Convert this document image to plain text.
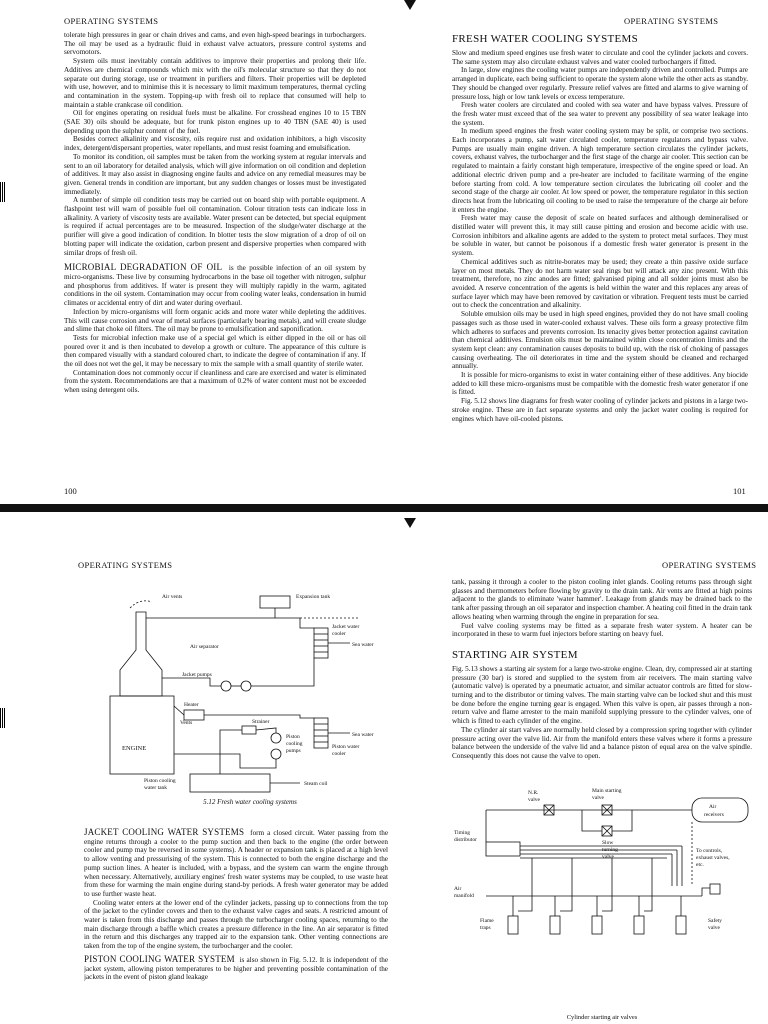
OPERATING SYSTEMS

tolerate high pressures in gear or chain drives and cams, and even high-speed bearings in turbochargers. The oil may be used as a hydraulic fluid in exhaust valve actuators, pressure control systems and servomotors.

System oils must inevitably contain additives to improve their properties and prolong their life. Additives are chemical compounds which mix with the oil's molecular structure so that they do not separate out during storage, use or treatment in purifiers and filters. Their properties will be depleted with use, however, and to minimise this it is necessary to limit maximum temperatures, thermal cycling and contamination in the system. Topping-up with fresh oil to replace that consumed will help to maintain a stable crankcase oil condition.

Oil for engines operating on residual fuels must be alkaline. For crosshead engines 10 to 15 TBN (SAE 30) oils should be adequate, but for trunk piston engines up to 40 TBN (SAE 40) is used depending upon the sulphur content of the fuel.

Besides correct alkalinity and viscosity, oils require rust and oxidation inhibitors, a high viscosity index, detergent/dispersant properties, water repellants, and must resist foaming and emulsification.

To monitor its condition, oil samples must be taken from the working system at regular intervals and sent to an oil laboratory for detailed analysis, which will give information on oil condition and depletion of additives. It may also assist in diagnosing engine faults and advice on any remedial measures may be given. General trends in condition are important, but any sudden changes or losses must be investigated immediately.

A number of simple oil condition tests may be carried out on board ship with portable equipment. A flashpoint test will warn of possible fuel oil contamination. Colour titration tests can indicate loss in alkalinity. A variety of viscosity tests are available. Water present can be detected, but special equipment is required if actual percentages are to be measured. Inspection of the sludge/water discharge at the purifier will give a good indication of condition. In blotter tests the slow migration of a drop of oil on blotting paper will indicate the oxidation, carbon present and dispersive properties when compared with similar drops of fresh oil.

MICROBIAL DEGRADATION OF OIL is the possible infection of an oil system by micro-organisms. These live by consuming hydrocarbons in the base oil together with nitrogen, sulphur and phosphorus from additives. If water is present they will multiply rapidly in the warm, agitated conditions in the oil system. Contamination may occur from cooling water leaks, condensation in humid climates or accidental entry of dirt and water during overhaul.

Infection by micro-organisms will form organic acids and more water while depleting the additives. This will cause corrosion and wear of metal surfaces (particularly bearing metals), and will create sludge and slime that choke oil filters. The oil may be prone to emulsification and saponification.

Tests for microbial infection make use of a special gel which is either dipped in the oil or has oil poured over it and is then incubated to develop a growth or culture. The appearance of this culture is then compared visually with a standard coloured chart, to indicate the degree of contamination if any. If the oil does not wet the gel, it may be necessary to mix the sample with a small quantity of sterile water.

Contamination does not commonly occur if cleanliness and care are exercised and water is eliminated from the system. Recommendations are that a maximum of 0.2% of water content must not be exceeded when using detergent oils.

100
OPERATING SYSTEMS
FRESH WATER COOLING SYSTEMS

Slow and medium speed engines use fresh water to circulate and cool the cylinder jackets and covers. The same system may also circulate exhaust valves and water cooled turbochargers if fitted.

In large, slow engines the cooling water pumps are independently driven and controlled. Pumps are arranged in duplicate, each being sufficient to operate the system alone while the other acts as standby. They should be changed over regularly. Pressure relief valves are fitted and alarms to give warning of pressure loss, high or low tank levels or excess temperature.

Fresh water coolers are circulated and cooled with sea water and have bypass valves. Pressure of the fresh water must exceed that of the sea water to prevent any possibility of sea water leakage into the system.

In medium speed engines the fresh water cooling system may be split, or comprise two sections. Each incorporates a pump, salt water circulated cooler, temperature regulators and bypass valve. Pumps are usually main engine driven. A high temperature section circulates the cylinder jackets, covers, exhaust valves, the turbocharger and the first stage of the charge air cooler. This section can be regulated to maintain a fairly constant high temperature, irrespective of the engine speed or load. An additional electric driven pump and a pre-heater are included to facilitate warming of the engine before starting from cold. A low temperature section circulates the lubricating oil cooler and the second stage of the charge air cooler. At low speed or power, the temperature regulator in this section directs heat from the lubricating oil cooling to be used to raise the temperature of the charge air before it enters the engine.

Fresh water may cause the deposit of scale on heated surfaces and although demineralised or distilled water will prevent this, it may still cause pitting and erosion and become acidic with use. Corrosion inhibitors and alkaline agents are added to the system to protect metal surfaces. They must be soluble in water, but cannot be poisonous if a domestic fresh water generator is present in the system.

Chemical additives such as nitrite-borates may be used; they create a thin passive oxide surface layer on most metals. They do not harm water seal rings but will attack any zinc present. With this treatment, therefore, no zinc anodes are fitted; galvanised piping and all solder joints must also be avoided. A reserve concentration of the agents is held within the water and this replaces any areas of surface layer which may have been removed by cavitation or vibration. Frequent tests must be carried out to check the concentration and alkalinity.

Soluble emulsion oils may be used in high speed engines, provided they do not have small cooling passages such as those used in water-cooled exhaust valves. These oils form a greasy protective film which adheres to surfaces and prevents corrosion. Its tenacity gives better protection against cavitation than chemical additives. Emulsion oils must be maintained within close concentration limits and the system kept clean: any contamination causes deposits to build up, with the risk of choking of passages causing overheating. The oil deteriorates in time and the system should be cleaned and recharged annually.

It is possible for micro-organisms to exist in water containing either of these additives. Any biocide added to kill these micro-organisms must be compatible with the domestic fresh water generator if one is fitted.

Fig. 5.12 shows line diagrams for fresh water cooling of cylinder jackets and pistons in a large two-stroke engine. These are in fact separate systems and only the jacket water cooling is required for engines which have oil-cooled pistons.

101
OPERATING SYSTEMS
Air vents	Expansion tank
Jacket water
cooler
Air separator
Jacket pumps
Sea water
Heater
Vents	Strainer
Sea water
ENGINE
Piston
cooling
pumps
Piston water
cooler
Piston cooling
water tank
Steam coil
5.12 Fresh water cooling systems

JACKET COOLING WATER SYSTEMS form a closed circuit. Water passing from the engine returns through a cooler to the pump suction and then back to the engine (the order between cooler and pump may be reversed in some systems). A header or expansion tank is placed at a high level to allow venting and pressurising of the system. This is connected to both the engine discharge and the pump suction lines. A heater is included, with a bypass, and the system can warm the engine through when necessary. Alternatively, auxiliary engines' fresh water systems may be coupled, to use waste heat from these for warming the main engine during stand-by periods. A fresh water generator may be added to use further waste heat.

Cooling water enters at the lower end of the cylinder jackets, passing up to connections from the top of the jacket to the cylinder covers and then to the exhaust valve cages and seats. A restricted amount of water is taken from this discharge and passes through the turbocharger cooling spaces, returning to the main discharge through a baffle which creates a pressure difference in the line. An air separator is fitted in the return and this discharges any trapped air to the expansion tank. Other venting connections are taken from the top of the engine system, the turbocharger and the cooler.

PISTON COOLING WATER SYSTEM is also shown in Fig. 5.12. It is independent of the jacket system, allowing piston temperatures to be higher and preventing possible contamination of the jackets in the event of piston gland leakage

OPERATING SYSTEMS

tank, passing it through a cooler to the piston cooling inlet glands. Cooling returns pass through sight glasses and thermometers before flowing by gravity to the drain tank. Air vents are fitted at high points adjacent to the glands to eliminate 'water hammer'. Leakage from glands may be drained back to the tank after passing through an oil separator and inspection chamber. A heating coil fitted in the drain tank allows heating when warming through the engine in preparation for sea.

Fuel valve cooling systems may be fitted as a separate fresh water system. A heater can be incorporated in these to warm fuel injectors before starting on heavy fuel.

STARTING AIR SYSTEM

Fig. 5.13 shows a starting air system for a large two-stroke engine. Clean, dry, compressed air at starting pressure (30 bar) is stored and supplied to the system from air receivers. The main starting valve (automatic valve) is operated by a pneumatic actuator, and similar actuator controls are fitted for slow-turning and to the distributor or timing valves. The main starting valve can be locked shut and this must be done before the engine turning gear is engaged. When this valve is open, air passes through a non-return valve and flame arrester to the main manifold supplying pressure to the cylinder valves, one of which is fitted to each cylinder of the engine.

The cylinder air start valves are normally held closed by a compression spring together with cylinder pressure acting over the valve lid. Air from the manifold enters these valves where it forms a pressure balance between the underside of the valve lid and a balance piston of equal area on the valve spindle. Consequently this does not cause the valve to open.

N.R.
valve
Main starting
valve
Air
receivers
Timing
distributor	Slow
turning
valve
To controls,
exhaust valves,
etc.
Air
manifold
Flame
traps
Safety
valve
Cylinder starting air valves
